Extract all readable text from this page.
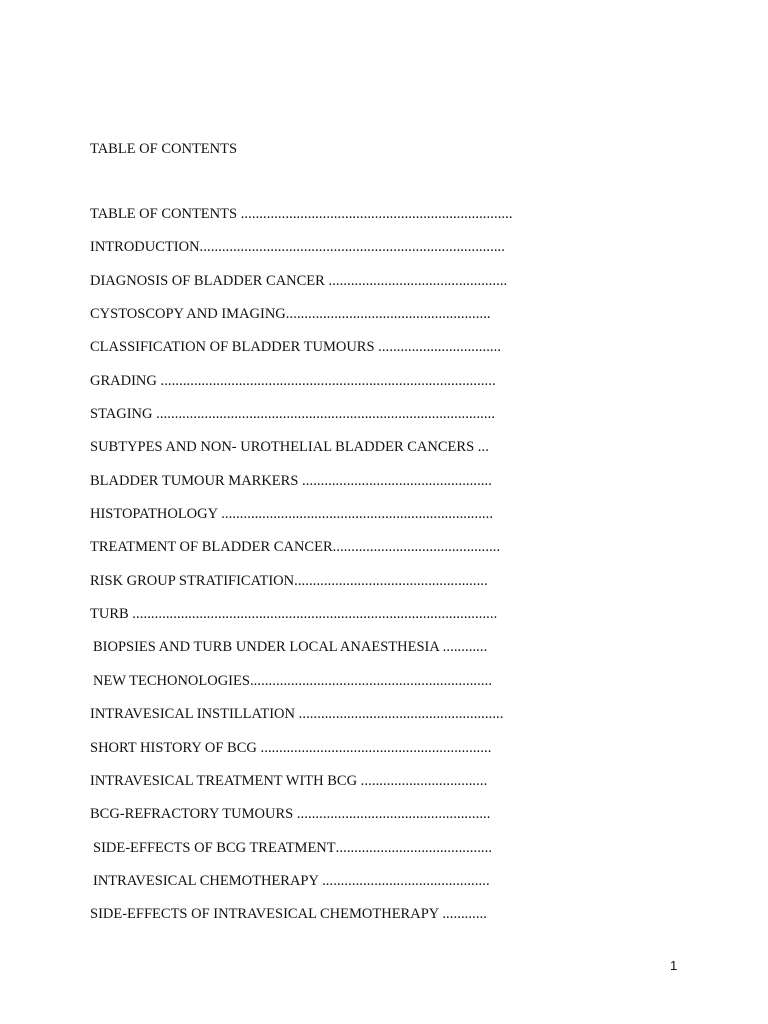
TABLE OF CONTENTS
TABLE OF CONTENTS .........................................................................
INTRODUCTION..................................................................................
DIAGNOSIS OF BLADDER CANCER ................................................
CYSTOSCOPY AND IMAGING.......................................................
CLASSIFICATION OF BLADDER TUMOURS .................................
GRADING ..........................................................................................
STAGING ...........................................................................................
SUBTYPES AND NON- UROTHELIAL BLADDER CANCERS ...
BLADDER TUMOUR MARKERS ...................................................
HISTOPATHOLOGY .........................................................................
TREATMENT OF BLADDER CANCER.............................................
RISK GROUP STRATIFICATION....................................................
TURB ..................................................................................................
BIOPSIES AND TURB UNDER LOCAL ANAESTHESIA ............
NEW TECHONOLOGIES.................................................................
INTRAVESICAL INSTILLATION .......................................................
SHORT HISTORY OF BCG ..............................................................
INTRAVESICAL TREATMENT WITH BCG ..................................
BCG-REFRACTORY TUMOURS ....................................................
SIDE-EFFECTS OF BCG TREATMENT..........................................
INTRAVESICAL CHEMOTHERAPY .............................................
SIDE-EFFECTS OF INTRAVESICAL CHEMOTHERAPY ............
1
